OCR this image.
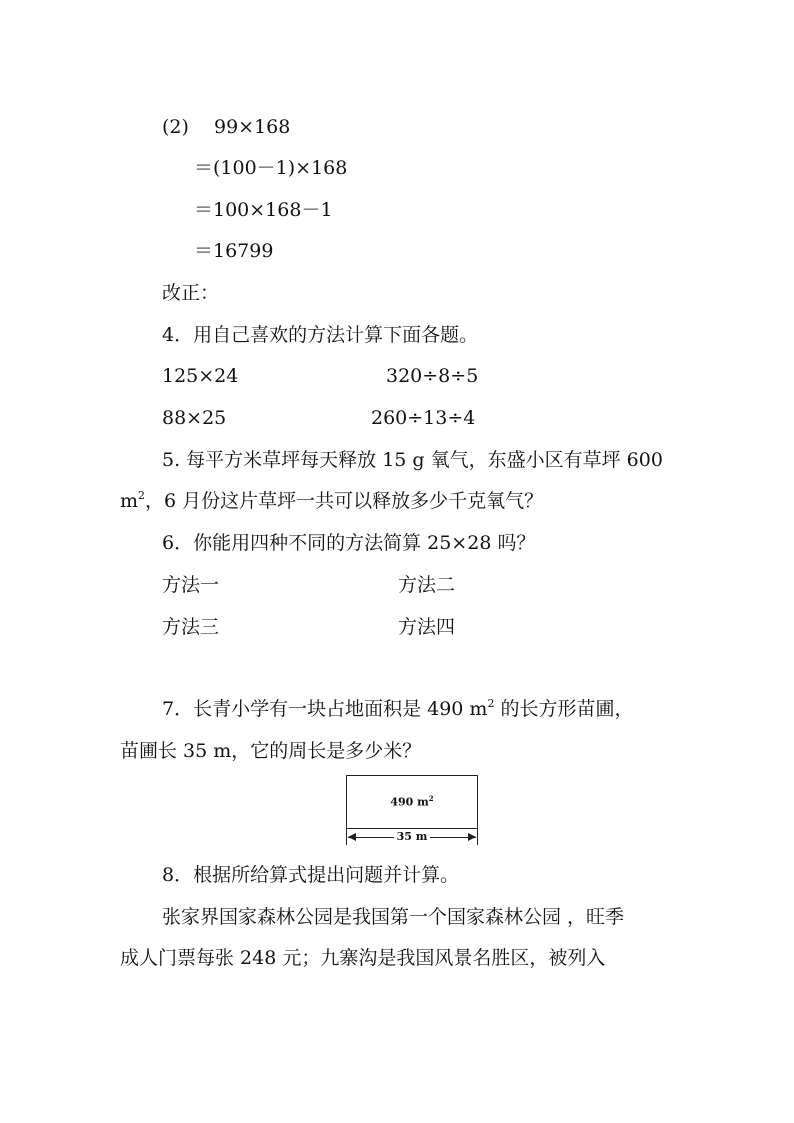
(2) 99×168
＝(100－1)×168
＝100×168－1
＝16799
改正：
4．用自己喜欢的方法计算下面各题。
125×24	320÷8÷5
88×25	260÷13÷4
5. 每平方米草坪每天释放 15 g 氧气，东盛小区有草坪 600
$m^2$，6 月份这片草坪一共可以释放多少千克氧气？
6．你能用四种不同的方法简算 25×28 吗？
方法一	方法二
方法三	方法四
7．长青小学有一块占地面积是 490 $m^2$ 的长方形苗圃，
苗圃长 35 m，它的周长是多少米？
490 $m^2$
35 m
8．根据所给算式提出问题并计算。
张家界国家森林公园是我国第一个国家森林公园 ，旺季
成人门票每张 248 元；九寨沟是我国风景名胜区，被列入
